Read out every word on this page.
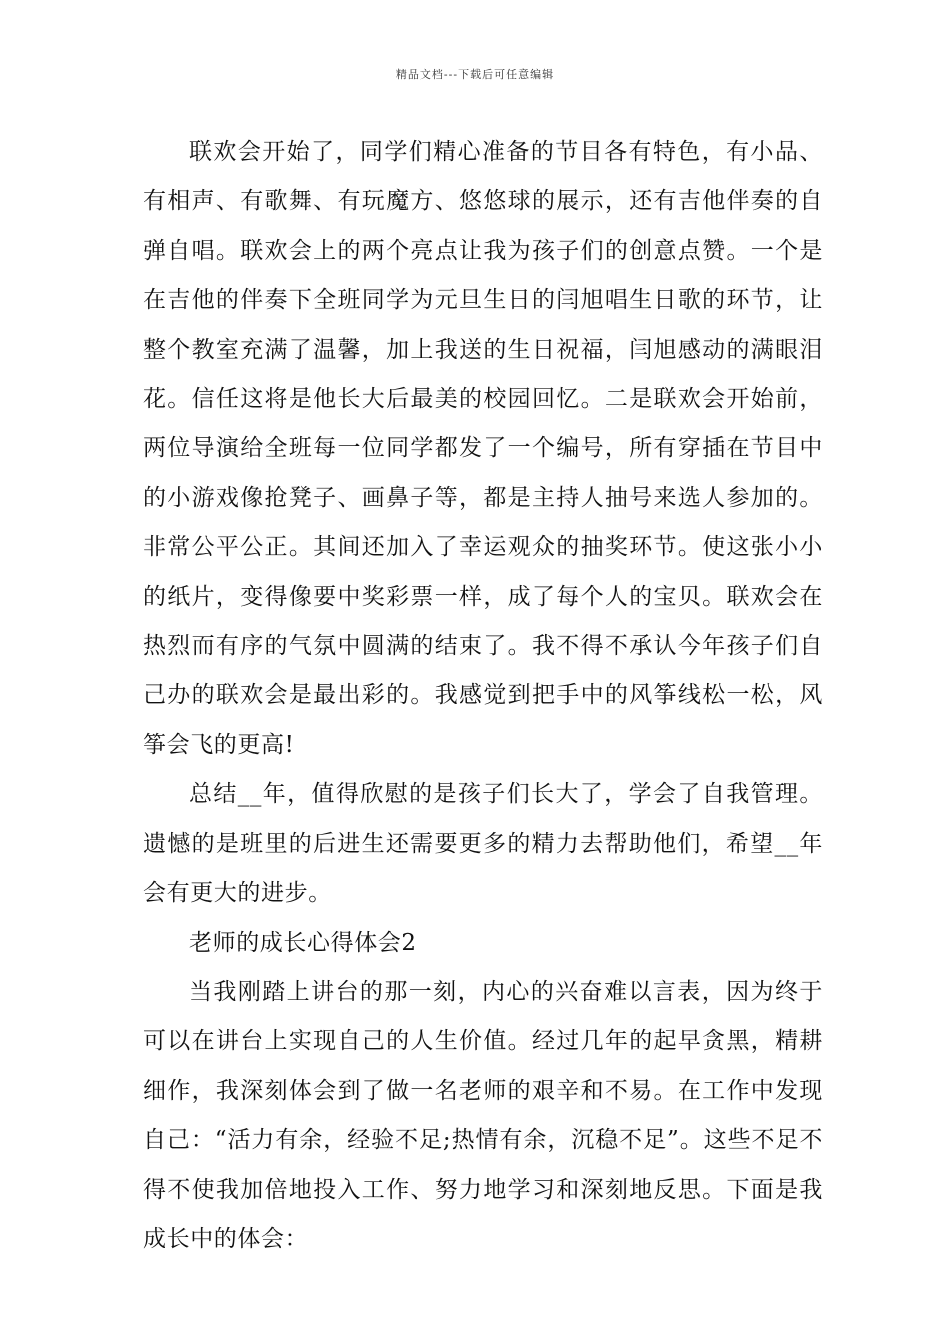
精品文档---下载后可任意编辑

联欢会开始了，同学们精心准备的节目各有特色，有小品、有相声、有歌舞、有玩魔方、悠悠球的展示，还有吉他伴奏的自弹自唱。联欢会上的两个亮点让我为孩子们的创意点赞。一个是在吉他的伴奏下全班同学为元旦生日的闫旭唱生日歌的环节，让整个教室充满了温馨，加上我送的生日祝福，闫旭感动的满眼泪花。信任这将是他长大后最美的校园回忆。二是联欢会开始前，两位导演给全班每一位同学都发了一个编号，所有穿插在节目中的小游戏像抢凳子、画鼻子等，都是主持人抽号来选人参加的。非常公平公正。其间还加入了幸运观众的抽奖环节。使这张小小的纸片，变得像要中奖彩票一样，成了每个人的宝贝。联欢会在热烈而有序的气氛中圆满的结束了。我不得不承认今年孩子们自己办的联欢会是最出彩的。我感觉到把手中的风筝线松一松，风筝会飞的更高!

总结__年，值得欣慰的是孩子们长大了，学会了自我管理。遗憾的是班里的后进生还需要更多的精力去帮助他们，希望__年会有更大的进步。

老师的成长心得体会2

当我刚踏上讲台的那一刻，内心的兴奋难以言表，因为终于可以在讲台上实现自己的人生价值。经过几年的起早贪黑，精耕细作，我深刻体会到了做一名老师的艰辛和不易。在工作中发现自己：“活力有余，经验不足;热情有余，沉稳不足”。这些不足不得不使我加倍地投入工作、努力地学习和深刻地反思。下面是我成长中的体会：
